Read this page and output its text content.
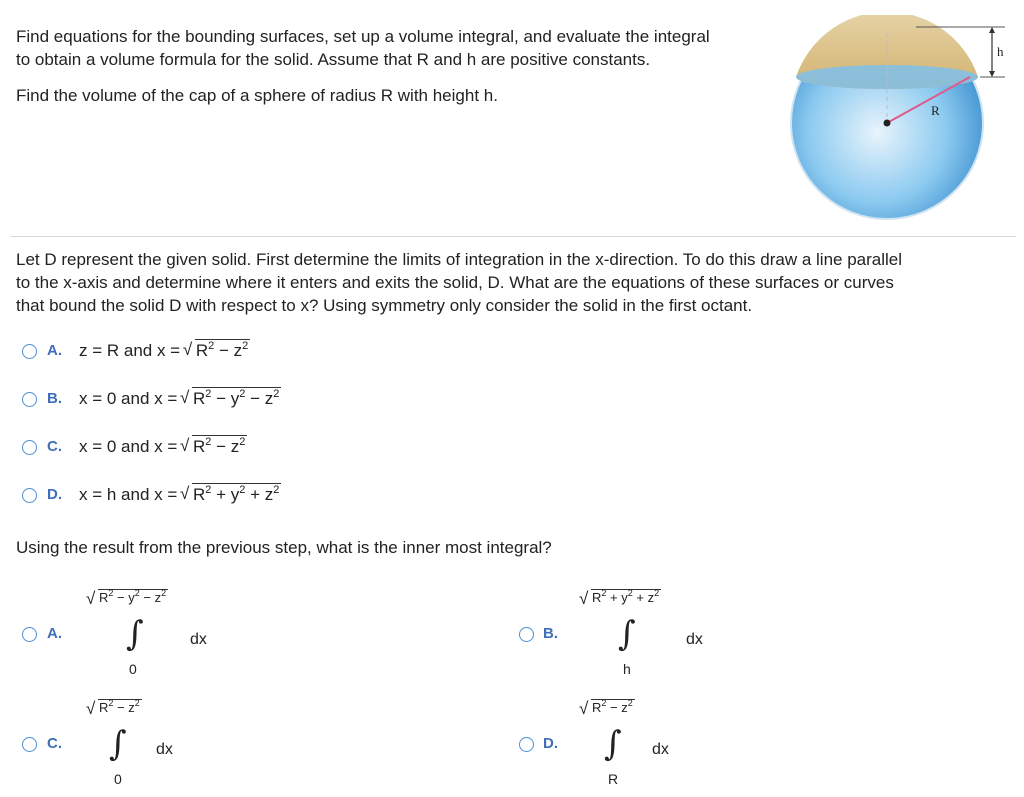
Find equations for the bounding surfaces, set up a volume integral, and evaluate the integral
to obtain a volume formula for the solid. Assume that R and h are positive constants.
Find the volume of the cap of a sphere of radius R with height h.
R
h
Let D represent the given solid. First determine the limits of integration in the x-direction. To do this draw a line parallel
to the x-axis and determine where it enters and exits the solid, D. What are the equations of these surfaces or curves
that bound the solid D with respect to x? Using symmetry only consider the solid in the first octant.
A. z = R and x = √ $R^2 - z^2$
B. x = 0 and x = √ $R^2 - y^2 - z^2$
C. x = 0 and x = √ $R^2 - z^2$
D. x = h and x = √ $R^2 + y^2 + z^2$
Using the result from the previous step, what is the inner most integral?
A.
√ $R^2 - y^2 - z^2$
∫
0
dx	B.
√ $R^2 + y^2 + z^2$
∫
h
dx
C.
√ $R^2 - z^2$
∫
0
dx	D.
√ $R^2 - z^2$
∫
R
dx
